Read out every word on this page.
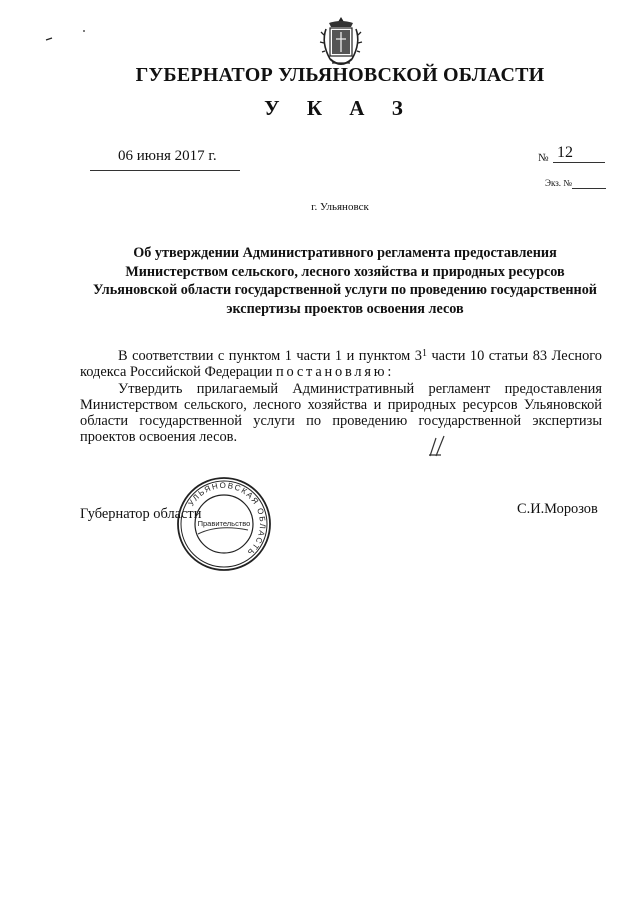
ГУБЕРНАТОР УЛЬЯНОВСКОЙ ОБЛАСТИ
У К А З
06 июня 2017 г.	№ 12
Экз. №
г. Ульяновск
Об утверждении Административного регламента предоставления Министерством сельского, лесного хозяйства и природных ресурсов Ульяновской области государственной услуги по проведению государственной экспертизы проектов освоения лесов

В соответствии с пунктом 1 части 1 и пунктом $3^1$ части 10 статьи 83 Лесного кодекса Российской Федерации постановляю:

Утвердить прилагаемый Административный регламент предоставления Министерством сельского, лесного хозяйства и природных ресурсов Ульяновской области государственной услуги по проведению государственной экспертизы проектов освоения лесов.

Губернатор области	С.И.Морозов
УЛЬЯНОВСКАЯ ОБЛАСТЬ
Правительство
